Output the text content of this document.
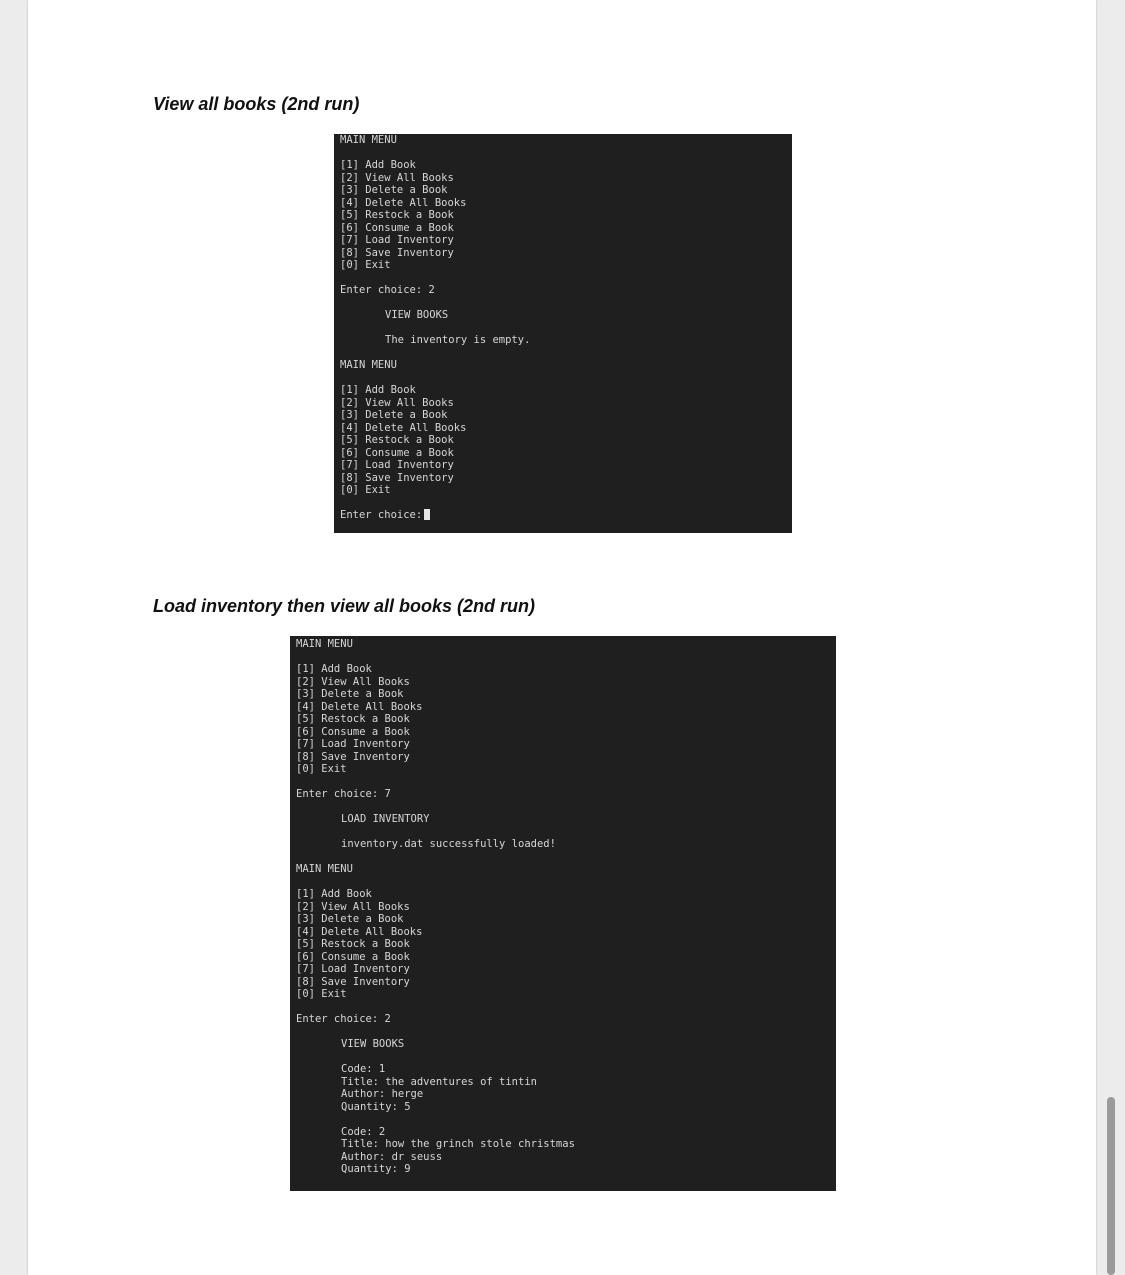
View all books (2nd run)
MAIN MENU
[1] Add Book
[2] View All Books
[3] Delete a Book
[4] Delete All Books
[5] Restock a Book
[6] Consume a Book
[7] Load Inventory
[8] Save Inventory
[0] Exit
Enter choice: 2
VIEW BOOKS
The inventory is empty.
MAIN MENU
[1] Add Book
[2] View All Books
[3] Delete a Book
[4] Delete All Books
[5] Restock a Book
[6] Consume a Book
[7] Load Inventory
[8] Save Inventory
[0] Exit
Enter choice:
Load inventory then view all books (2nd run)
MAIN MENU
[1] Add Book
[2] View All Books
[3] Delete a Book
[4] Delete All Books
[5] Restock a Book
[6] Consume a Book
[7] Load Inventory
[8] Save Inventory
[0] Exit
Enter choice: 7
LOAD INVENTORY
inventory.dat successfully loaded!
MAIN MENU
[1] Add Book
[2] View All Books
[3] Delete a Book
[4] Delete All Books
[5] Restock a Book
[6] Consume a Book
[7] Load Inventory
[8] Save Inventory
[0] Exit
Enter choice: 2
VIEW BOOKS
Code: 1
Title: the adventures of tintin
Author: herge
Quantity: 5
Code: 2
Title: how the grinch stole christmas
Author: dr seuss
Quantity: 9
